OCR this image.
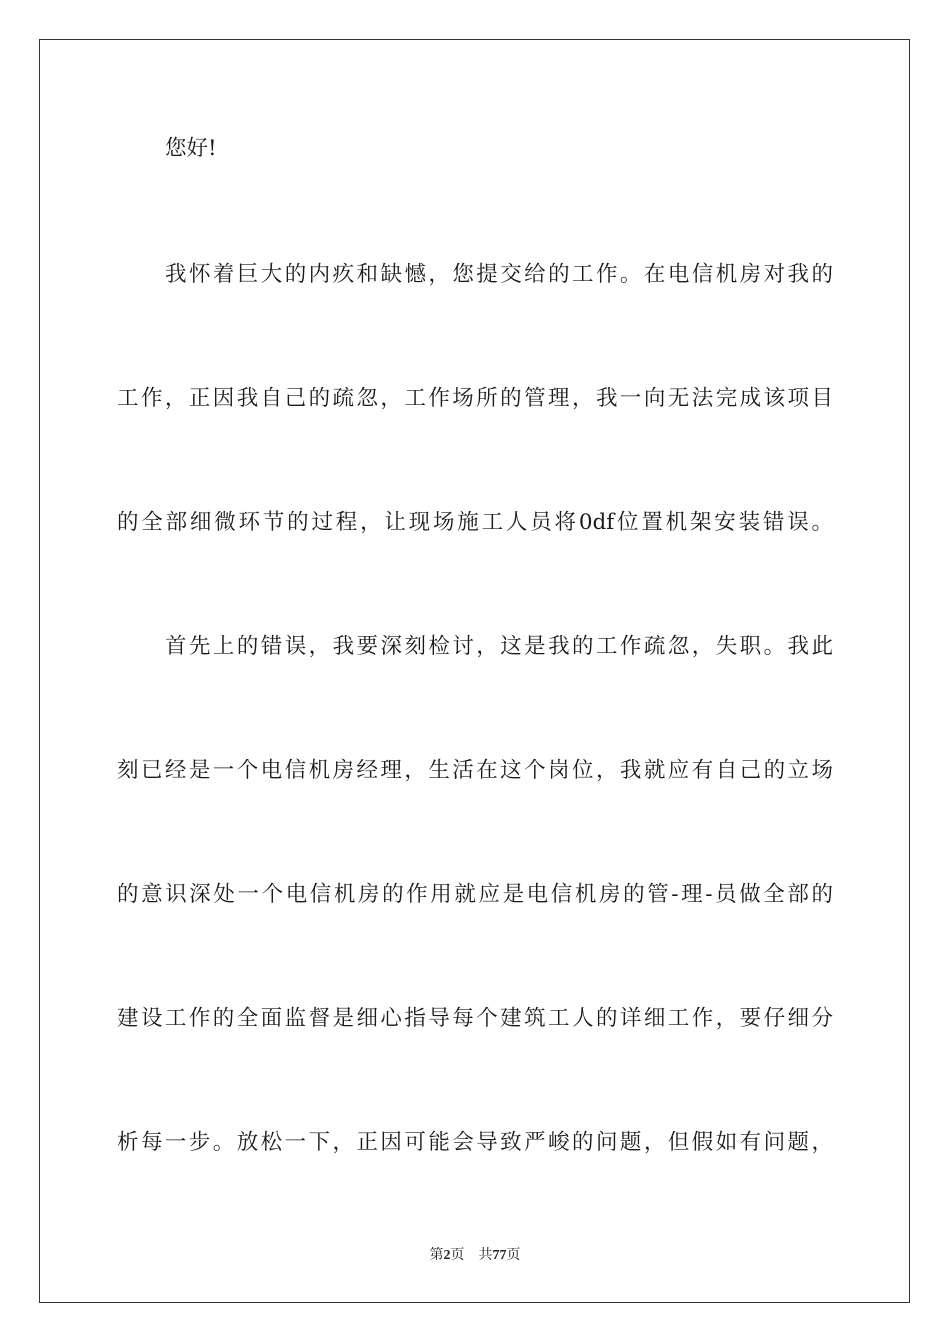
您好!
我怀着巨大的内疚和缺憾，您提交给的工作。在电信机房对我的
工作，正因我自己的疏忽，工作场所的管理，我一向无法完成该项目
的全部细微环节的过程，让现场施工人员将0df位置机架安装错误。
首先上的错误，我要深刻检讨，这是我的工作疏忽，失职。我此
刻已经是一个电信机房经理，生活在这个岗位，我就应有自己的立场
的意识深处一个电信机房的作用就应是电信机房的管-理-员做全部的
建设工作的全面监督是细心指导每个建筑工人的详细工作，要仔细分
析每一步。放松一下，正因可能会导致严峻的问题，但假如有问题，
第2页 共77页
